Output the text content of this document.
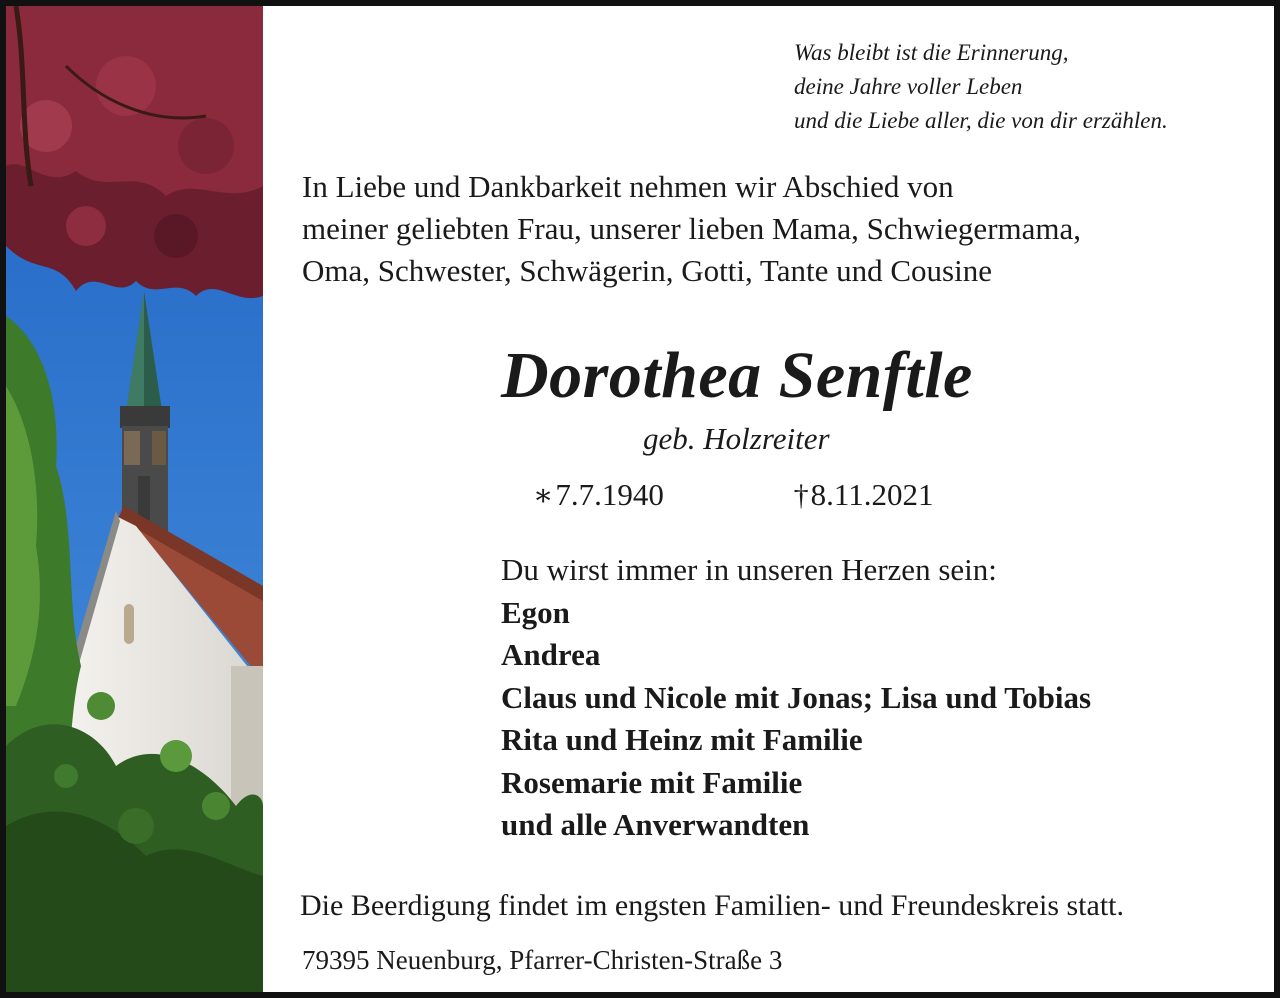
Was bleibt ist die Erinnerung,
deine Jahre voller Leben
und die Liebe aller, die von dir erzählen.
In Liebe und Dankbarkeit nehmen wir Abschied von
meiner geliebten Frau, unserer lieben Mama, Schwiegermama,
Oma, Schwester, Schwägerin, Gotti, Tante und Cousine
Dorothea Senftle
geb. Holzreiter
∗7.7.1940	†8.11.2021
Du wirst immer in unseren Herzen sein:
Egon
Andrea
Claus und Nicole mit Jonas; Lisa und Tobias
Rita und Heinz mit Familie
Rosemarie mit Familie
und alle Anverwandten
Die Beerdigung findet im engsten Familien- und Freundeskreis statt.
79395 Neuenburg, Pfarrer-Christen-Straße 3
